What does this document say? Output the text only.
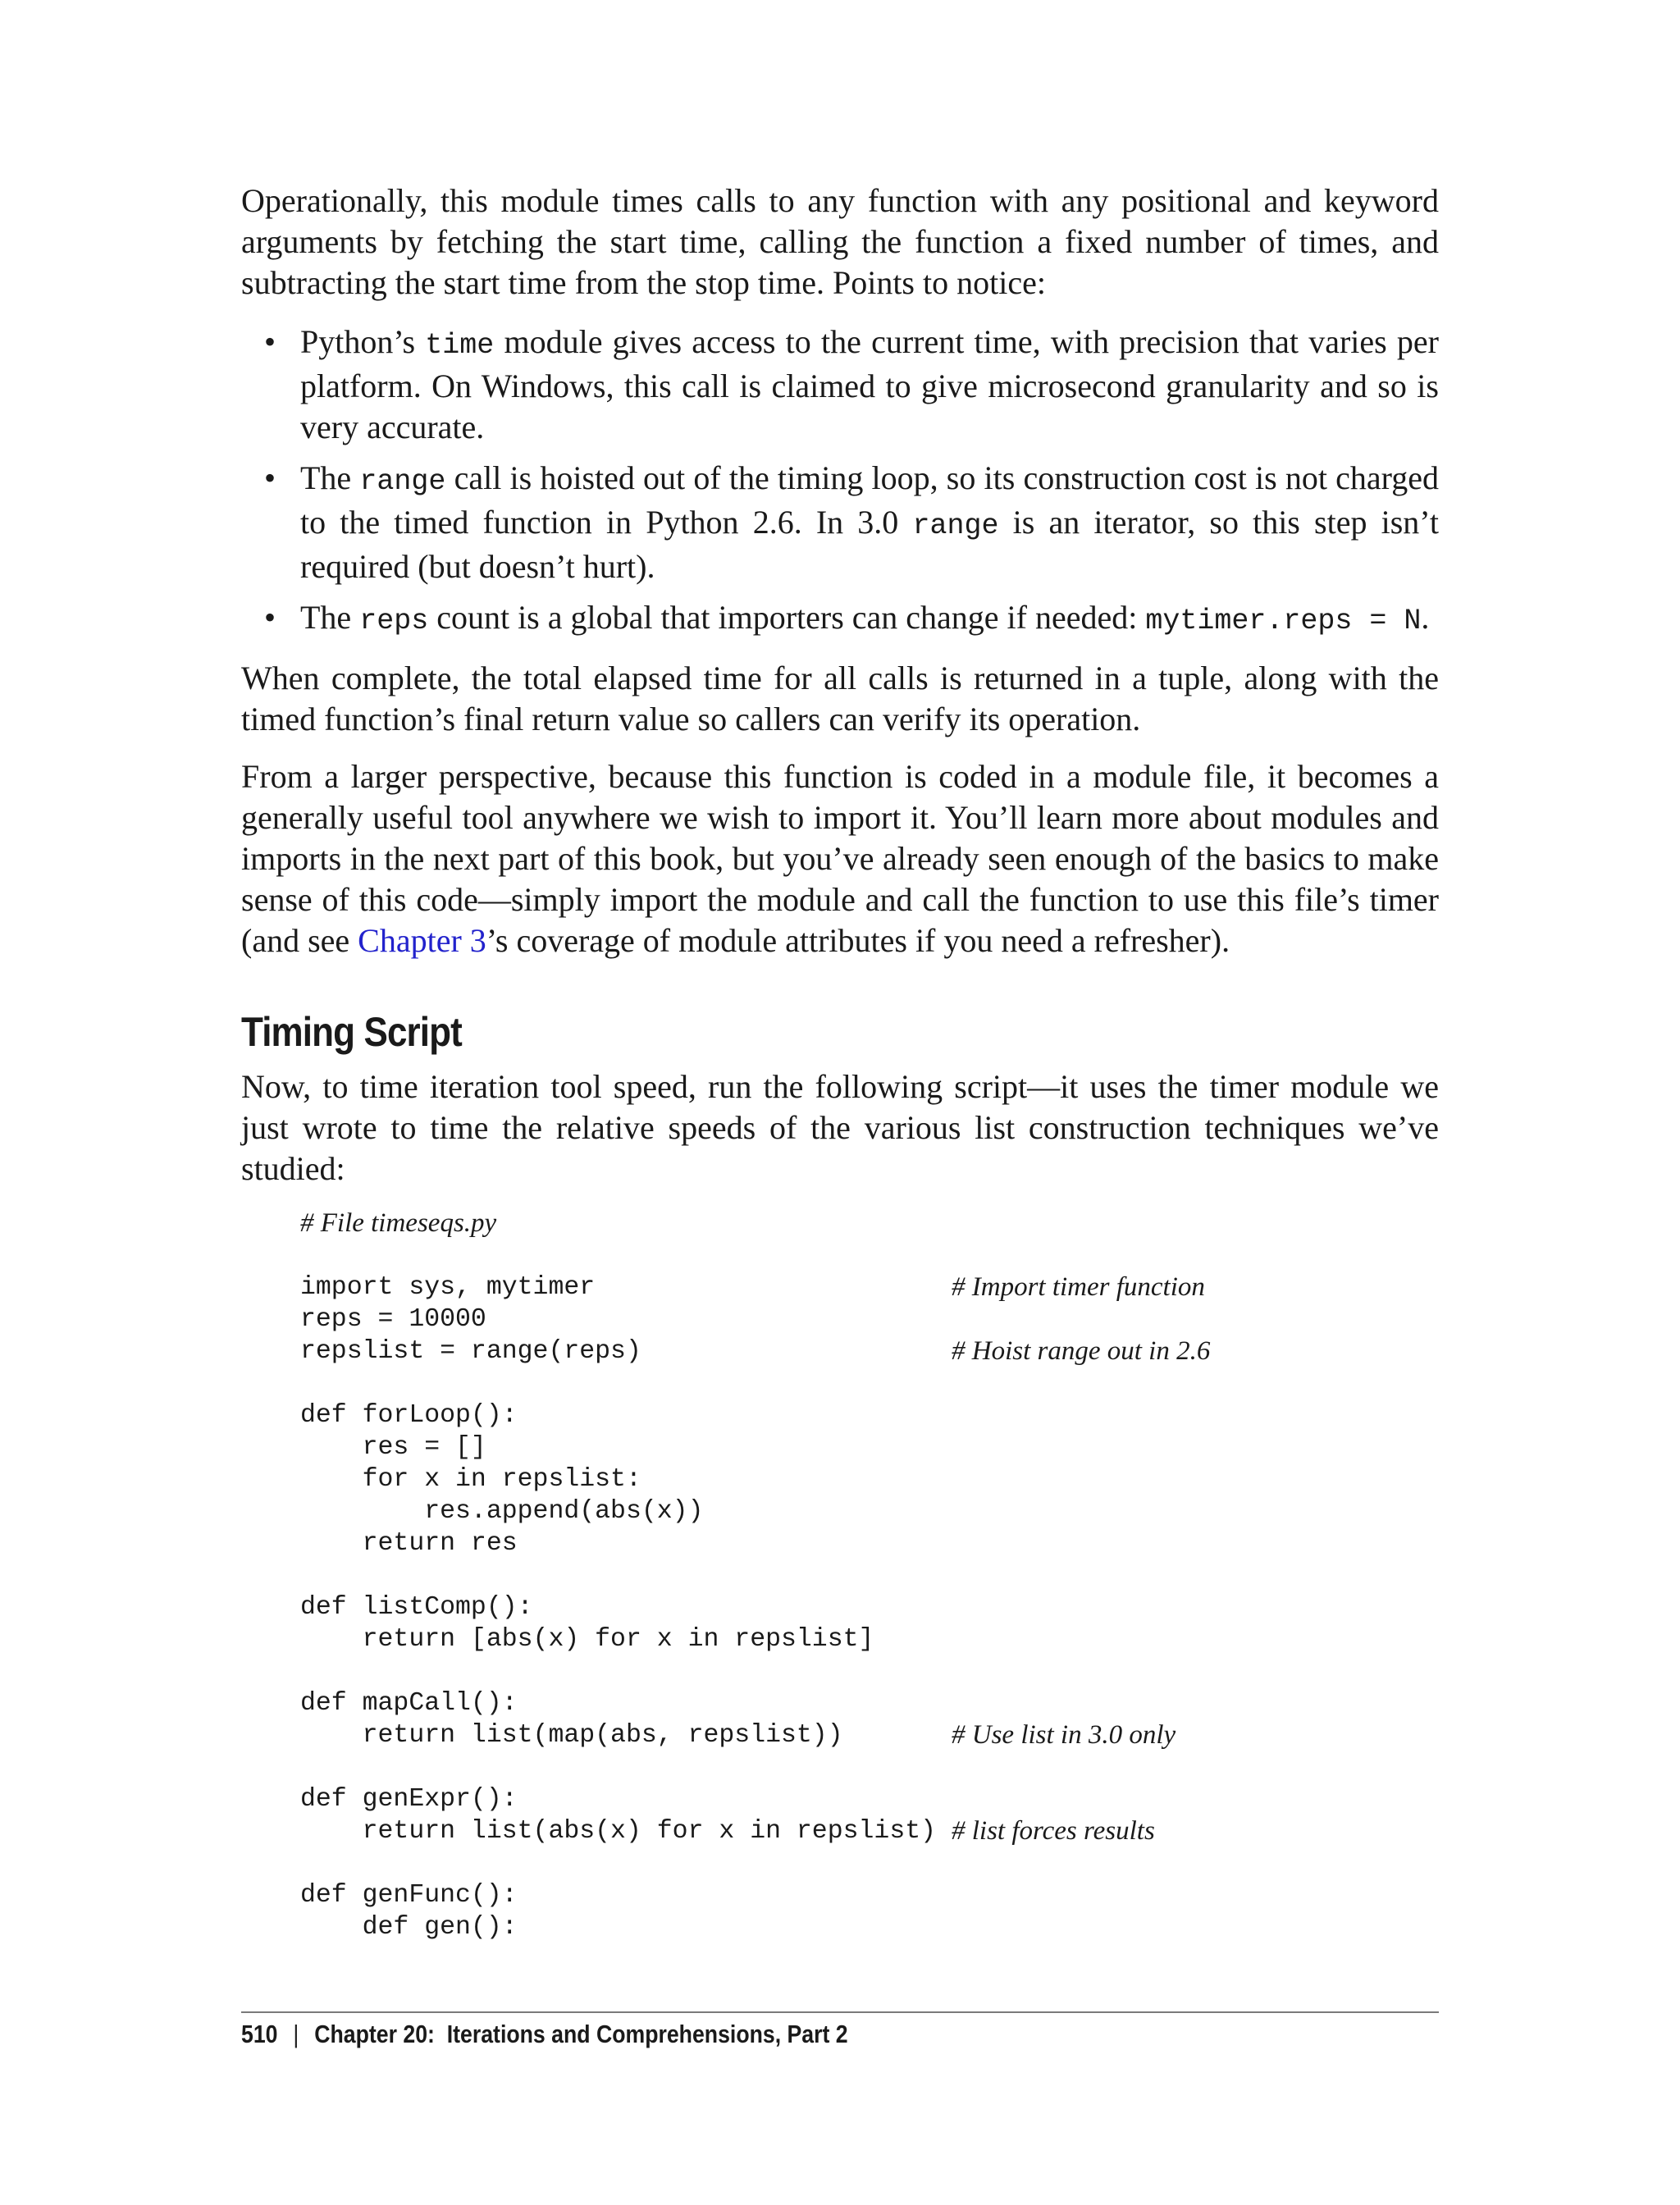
Operationally, this module times calls to any function with any positional and keyword arguments by fetching the start time, calling the function a fixed number of times, and subtracting the start time from the stop time. Points to notice:

• Python’s time module gives access to the current time, with precision that varies per platform. On Windows, this call is claimed to give microsecond granularity and so is very accurate.
• The range call is hoisted out of the timing loop, so its construction cost is not charged to the timed function in Python 2.6. In 3.0 range is an iterator, so this step isn’t required (but doesn’t hurt).
• The reps count is a global that importers can change if needed: mytimer.reps = N.

When complete, the total elapsed time for all calls is returned in a tuple, along with the timed function’s final return value so callers can verify its operation.

From a larger perspective, because this function is coded in a module file, it becomes a generally useful tool anywhere we wish to import it. You’ll learn more about modules and imports in the next part of this book, but you’ve already seen enough of the basics to make sense of this code—simply import the module and call the function to use this file’s timer (and see Chapter 3’s coverage of module attributes if you need a refresher).

Timing Script

Now, to time iteration tool speed, run the following script—it uses the timer module we just wrote to time the relative speeds of the various list construction techniques we’ve studied:

# File timeseqs.py

import sys, mytimer	# Import timer function
reps = 10000
repslist = range(reps)	# Hoist range out in 2.6
def forLoop():
res = []
for x in repslist:
res.append(abs(x))
return res
def listComp():
return [abs(x) for x in repslist]
def mapCall():
return list(map(abs, repslist))	# Use list in 3.0 only
def genExpr():
return list(abs(x) for x in repslist) # list forces results
def genFunc():
def gen():
510 | Chapter 20:  Iterations and Comprehensions, Part 2
